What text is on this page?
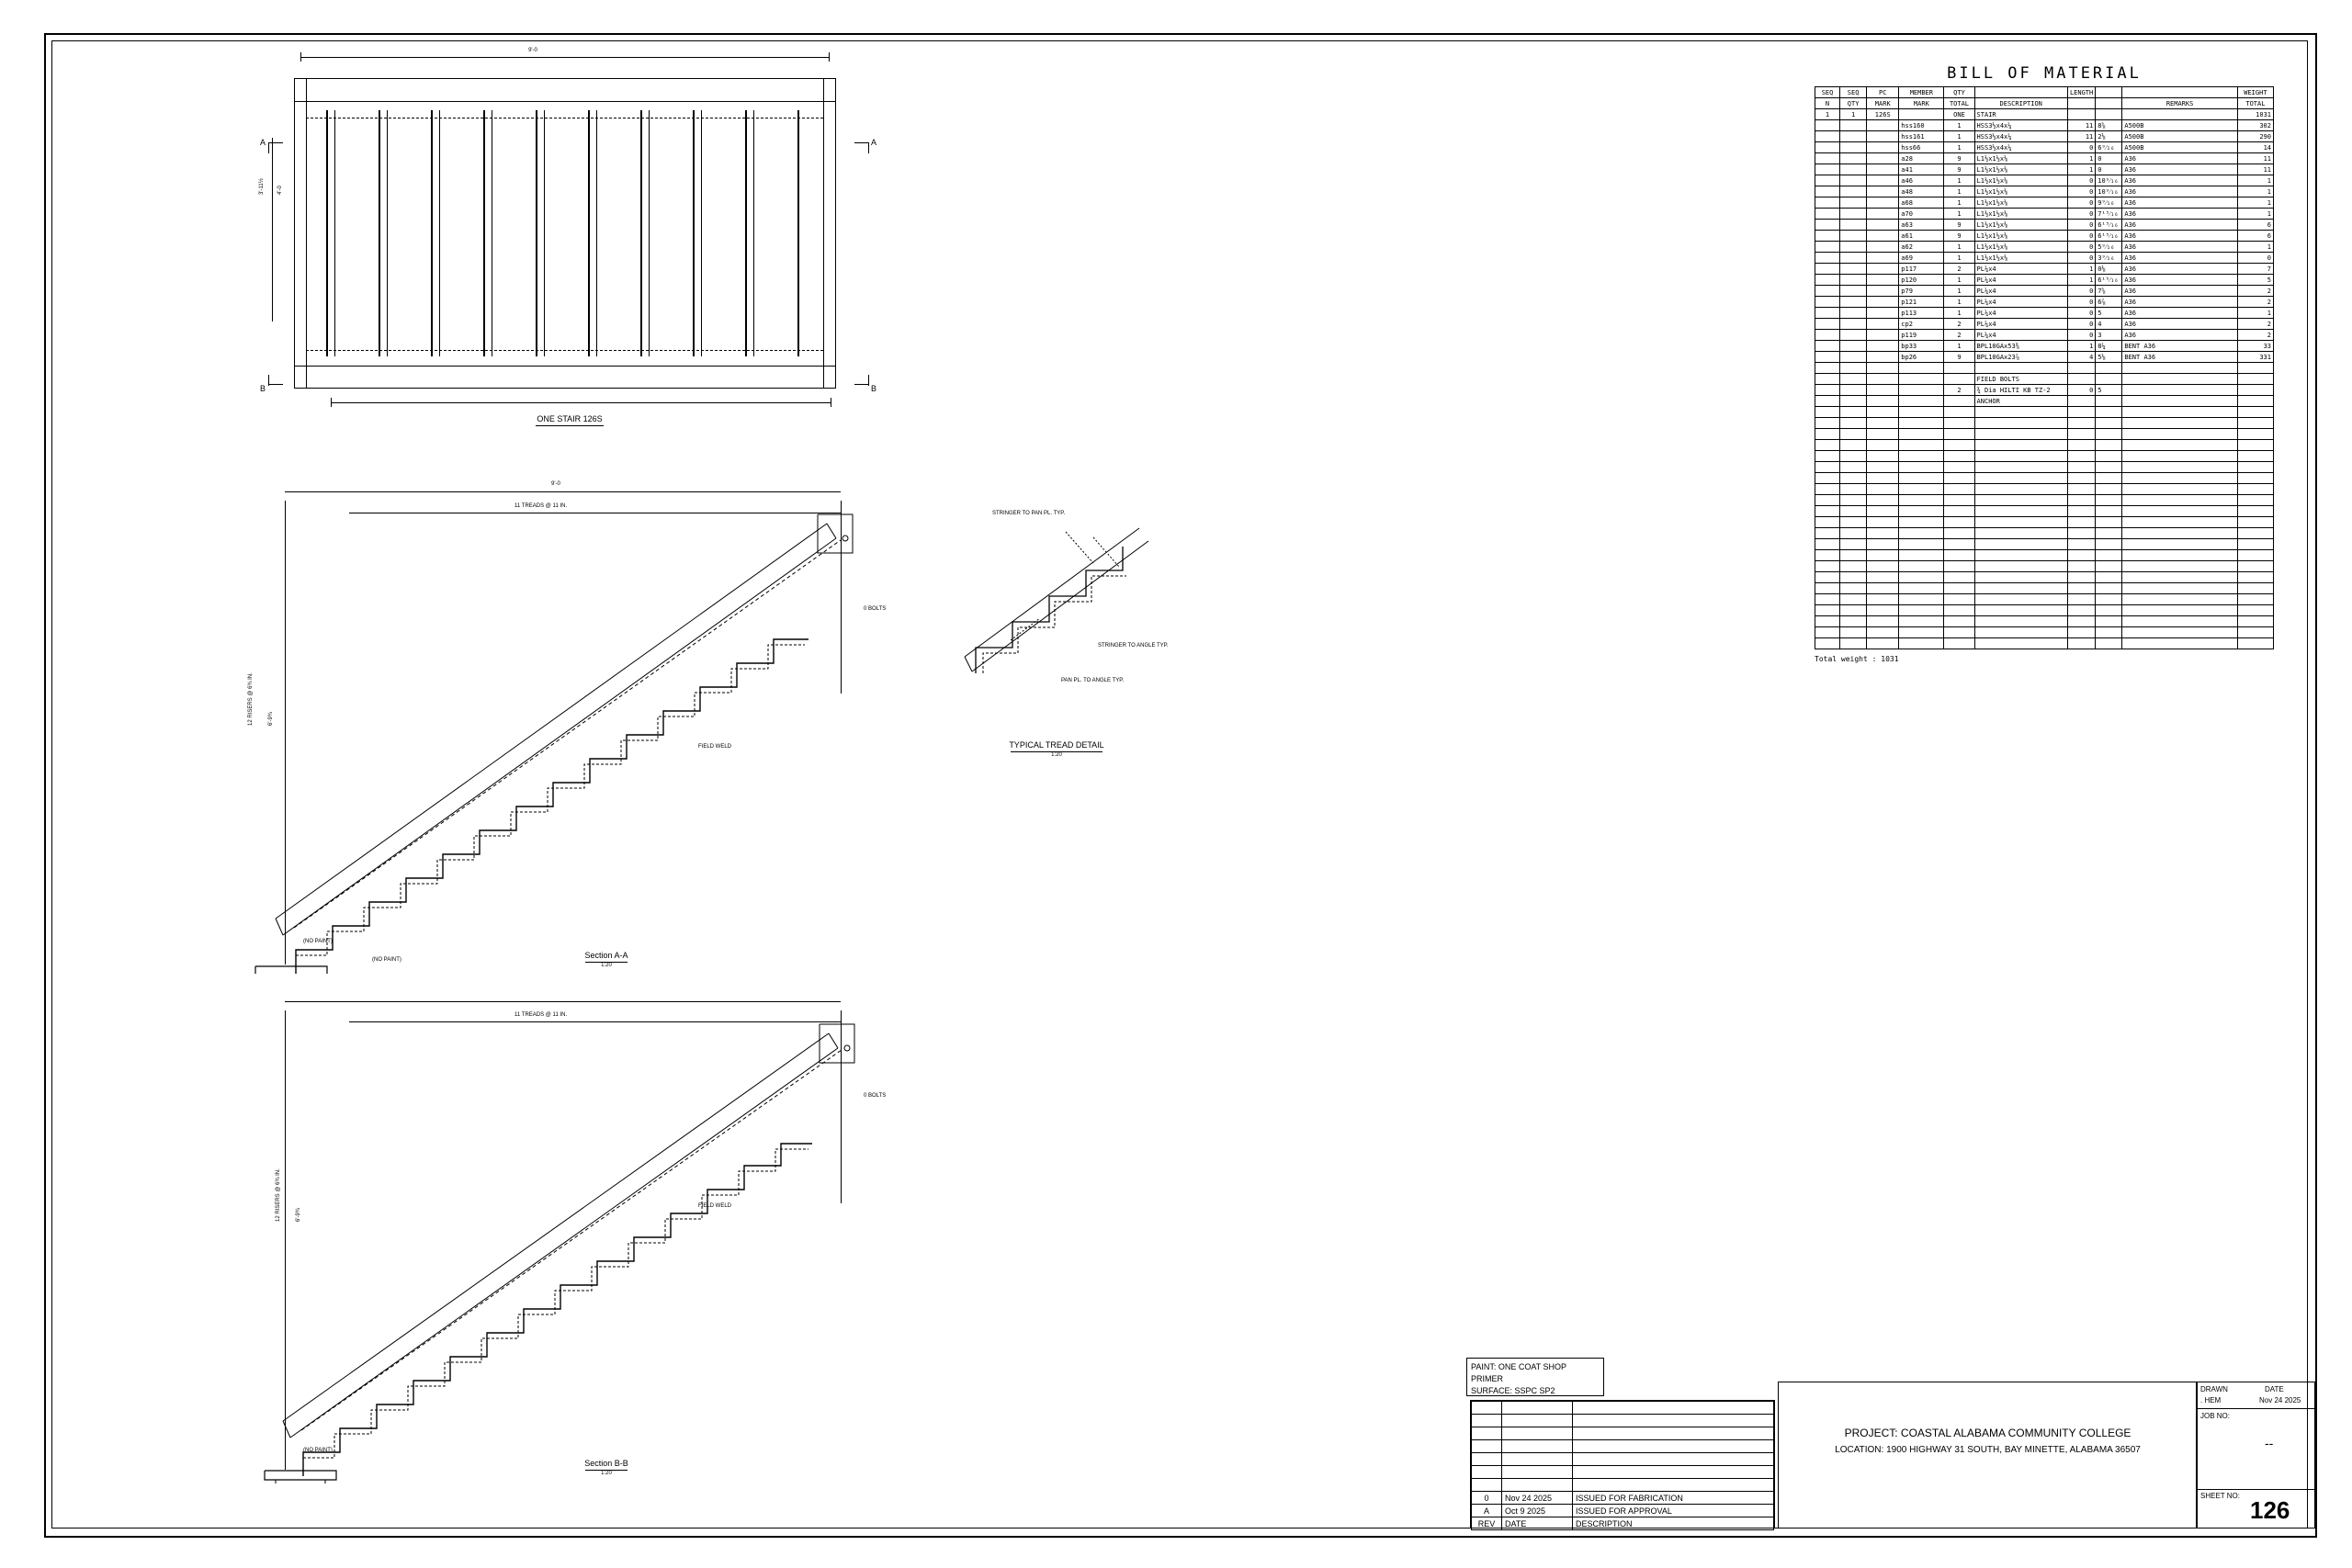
9'-0
3'-11½ 4'-0
A	A
B	B
ONE STAIR 126S
9'-0
11 TREADS @ 11 IN.
12 RISERS @ 6¾ IN.	6'-9¾
0 BOLTS
(NO PAINT)
(NO PAINT)
FIELD WELD
Section A-A
1:20
11 TREADS @ 11 IN.
12 RISERS @ 6¾ IN.	6'-9¾
0 BOLTS
(NO PAINT)
FIELD WELD
Section B-B
1:20
STRINGER TO PAN PL. TYP.
STRINGER TO ANGLE TYP.
PAN PL. TO ANGLE TYP.
TYPICAL TREAD DETAIL
1:20
BILL OF MATERIAL
SEQ	SEQ	PC	MEMBER	QTY		LENGTH			WEIGHT
N	QTY	MARK	MARK	TOTAL	DESCRIPTION			REMARKS	TOTAL
1	1	126S		ONE	STAIR				1031
			hss160	1	HSS3½x4x¼	11	8⅝	A500B	302
			hss161	1	HSS3½x4x¼	11	2⅛	A500B	290
			hss66	1	HSS3½x4x¼	0	6⁹⁄₁₆	A500B	14
			a28	9	L1½x1½x⅛	1	0	A36	11
			a41	9	L1½x1½x⅛	1	0	A36	11
			a46	1	L1½x1½x⅛	0	10⁹⁄₁₆	A36	1
			a48	1	L1½x1½x⅛	0	10⁹⁄₁₆	A36	1
			a68	1	L1½x1½x⅛	0	9⁹⁄₁₆	A36	1
			a70	1	L1½x1½x⅛	0	7¹⁵⁄₁₆	A36	1
			a63	9	L1½x1½x⅛	0	6¹⁵⁄₁₆	A36	6
			a61	9	L1½x1½x⅛	0	6¹⁵⁄₁₆	A36	6
			a62	1	L1½x1½x⅛	0	5⁹⁄₁₆	A36	1
			a69	1	L1½x1½x⅛	0	3⁹⁄₁₆	A36	0
			p117	2	PL¼x4	1	0⅛	A36	7
			p120	1	PL¼x4	1	6¹⁵⁄₁₆	A36	5
			p79	1	PL¼x4	0	7⅝	A36	2
			p121	1	PL¼x4	0	6⅞	A36	2
			p113	1	PL¼x4	0	5	A36	1
			cp2	2	PL¼x4	0	4	A36	2
			p119	2	PL¼x4	0	3	A36	2
			bp33	1	BPL10GAx53⅜	1	8¼	BENT A36	33
			bp26	9	BPL10GAx23⅞	4	5⅛	BENT A36	331

					FIELD BOLTS				
				2	¾ Dia HILTI KB TZ-2	0	5		
					ANCHOR				

Total weight : 1031
PAINT: ONE COAT SHOP PRIMER
SURFACE: SSPC SP2

0	Nov 24 2025	ISSUED FOR FABRICATION
A	Oct 9 2025	ISSUED FOR APPROVAL
REV	DATE	DESCRIPTION
PROJECT: COASTAL ALABAMA COMMUNITY COLLEGE
LOCATION: 1900 HIGHWAY 31 SOUTH, BAY MINETTE, ALABAMA 36507
DRAWN	DATE
. HEM	Nov 24 2025
JOB NO:
--
SHEET NO:
126
